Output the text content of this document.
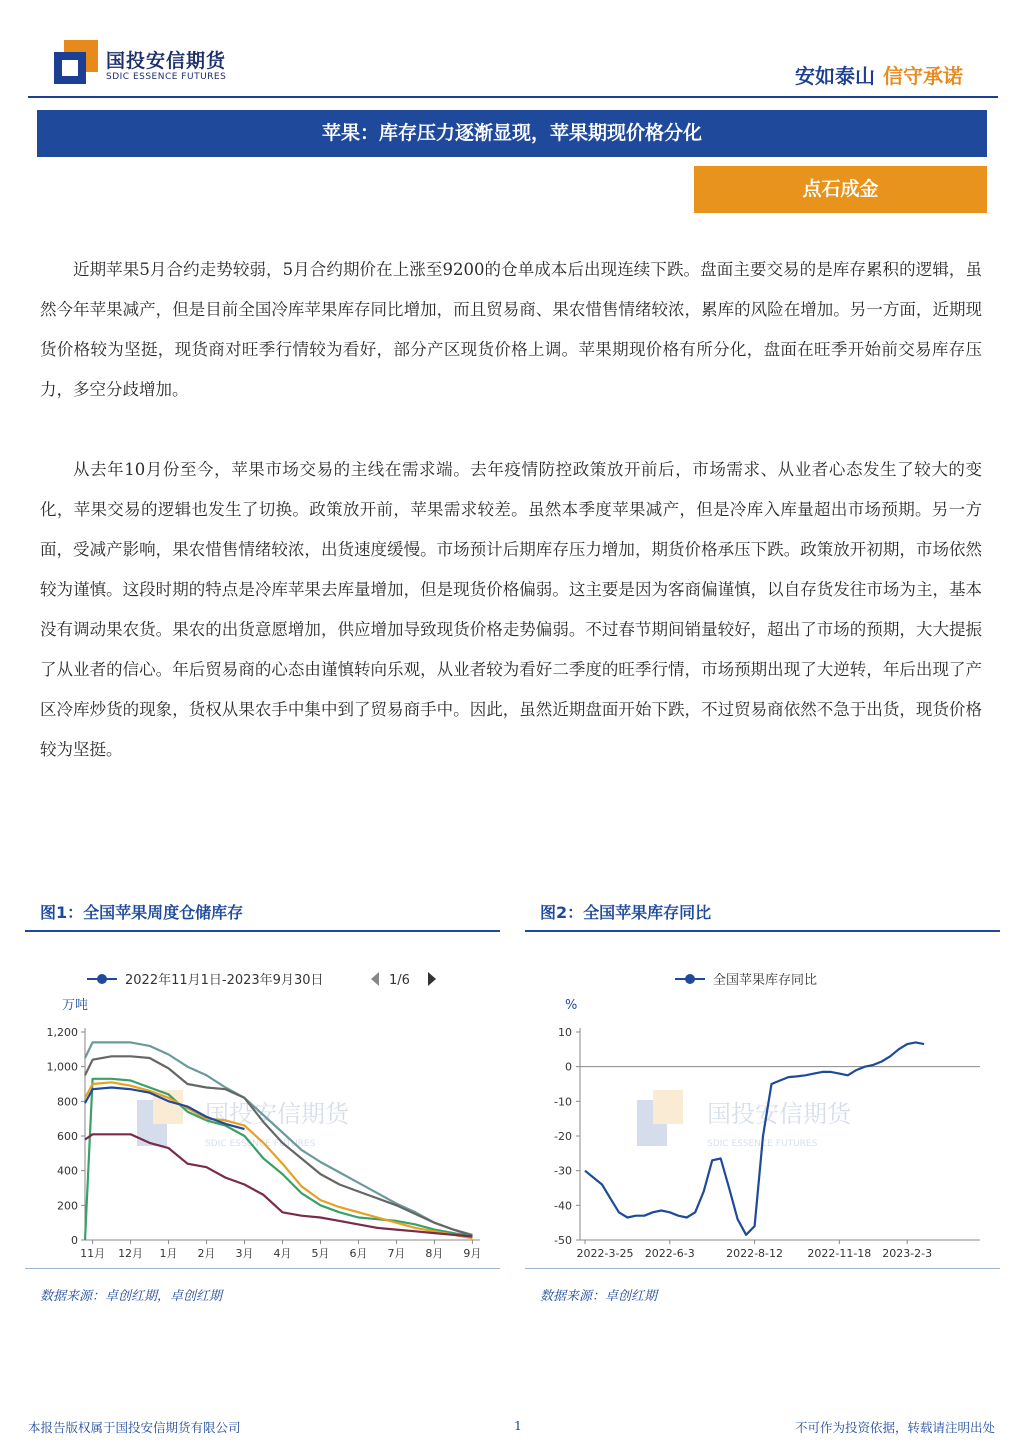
国投安信期货
SDIC ESSENCE FUTURES	安如泰山 信守承诺
苹果：库存压力逐渐显现，苹果期现价格分化
点石成金

近期苹果5月合约走势较弱，5月合约期价在上涨至9200的仓单成本后出现连续下跌。盘面主要交易的是库存累积的逻辑，虽然今年苹果减产，但是目前全国冷库苹果库存同比增加，而且贸易商、果农惜售情绪较浓，累库的风险在增加。另一方面，近期现货价格较为坚挺，现货商对旺季行情较为看好，部分产区现货价格上调。苹果期现价格有所分化，盘面在旺季开始前交易库存压力，多空分歧增加。

从去年10月份至今，苹果市场交易的主线在需求端。去年疫情防控政策放开前后，市场需求、从业者心态发生了较大的变化，苹果交易的逻辑也发生了切换。政策放开前，苹果需求较差。虽然本季度苹果减产，但是冷库入库量超出市场预期。另一方面，受减产影响，果农惜售情绪较浓，出货速度缓慢。市场预计后期库存压力增加，期货价格承压下跌。政策放开初期，市场依然较为谨慎。这段时期的特点是冷库苹果去库量增加，但是现货价格偏弱。这主要是因为客商偏谨慎，以自存货发往市场为主，基本没有调动果农货。果农的出货意愿增加，供应增加导致现货价格走势偏弱。不过春节期间销量较好，超出了市场的预期，大大提振了从业者的信心。年后贸易商的心态由谨慎转向乐观，从业者较为看好二季度的旺季行情，市场预期出现了大逆转，年后出现了产区冷库炒货的现象，货权从果农手中集中到了贸易商手中。因此，虽然近期盘面开始下跌，不过贸易商依然不急于出货，现货价格较为坚挺。

图1：全国苹果周度仓储库存
2022年11月1日-2023年9月30日	1/6
万吨
国投安信期货
SDIC ESSENCE FUTURES
0
200
400
600
800
1,000
1,200
11月 12月 1月 2月 3月 4月 5月 6月 7月 8月 9月
数据来源：卓创红期，卓创红期
图2：全国苹果库存同比
全国苹果库存同比
%
国投安信期货
SDIC ESSENCE FUTURES
10
0
-10
-20
-30
-40
-50
2022-3-25 2022-6-3	2022-8-12 2022-11-18 2023-2-3
数据来源：卓创红期
本报告版权属于国投安信期货有限公司	1	不可作为投资依据，转载请注明出处
